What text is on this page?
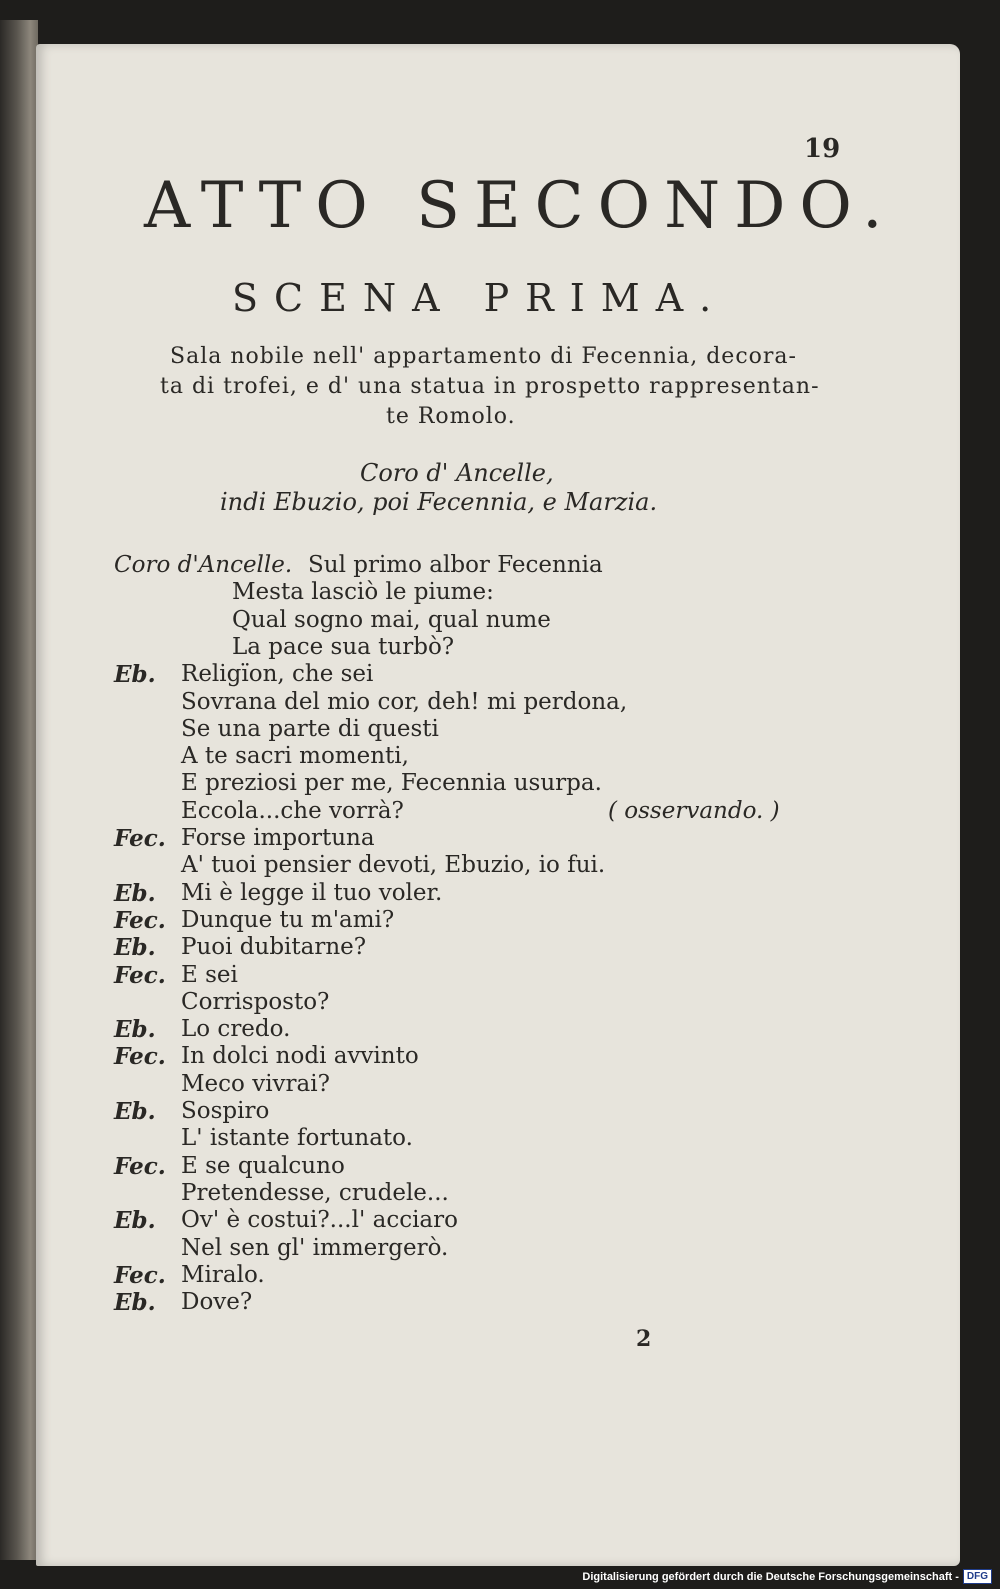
19
ATTO SECONDO.
SCENA PRIMA.
Sala nobile nell' appartamento di Fecennia, decora-
ta di trofei, e d' una statua in prospetto rappresentan-
te Romolo.
Coro d' Ancelle,
indi Ebuzio, poi Fecennia, e Marzia.
Coro d'Ancelle. Sul primo albor Fecennia
Mesta lasciò le piume:
Qual sogno mai, qual nume
La pace sua turbò?
Eb. Religïon, che sei
Sovrana del mio cor, deh! mi perdona,
Se una parte di questi
A te sacri momenti,
E preziosi per me, Fecennia usurpa.
Eccola...che vorrà?	( osservando. )
Fec. Forse importuna
A' tuoi pensier devoti, Ebuzio, io fui.
Eb. Mi è legge il tuo voler.
Fec. Dunque tu m'ami?
Eb. Puoi dubitarne?
Fec. E sei
Corrisposto?
Eb. Lo credo.
Fec. In dolci nodi avvinto
Meco vivrai?
Eb. Sospiro
L' istante fortunato.
Fec. E se qualcuno
Pretendesse, crudele...
Eb. Ov' è costui?...l' acciaro
Nel sen gl' immergerò.
Fec. Miralo.
Eb. Dove?
2
Digitalisierung gefördert durch die Deutsche Forschungsgemeinschaft - DFG
